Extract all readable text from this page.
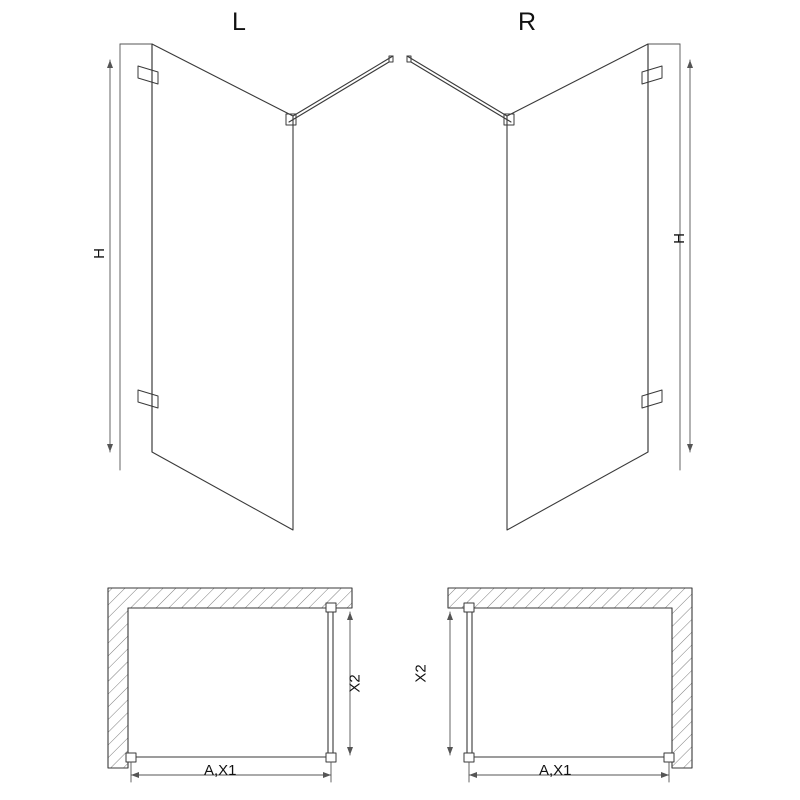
L	R
H
H
X2
X2
A,X1	A,X1
